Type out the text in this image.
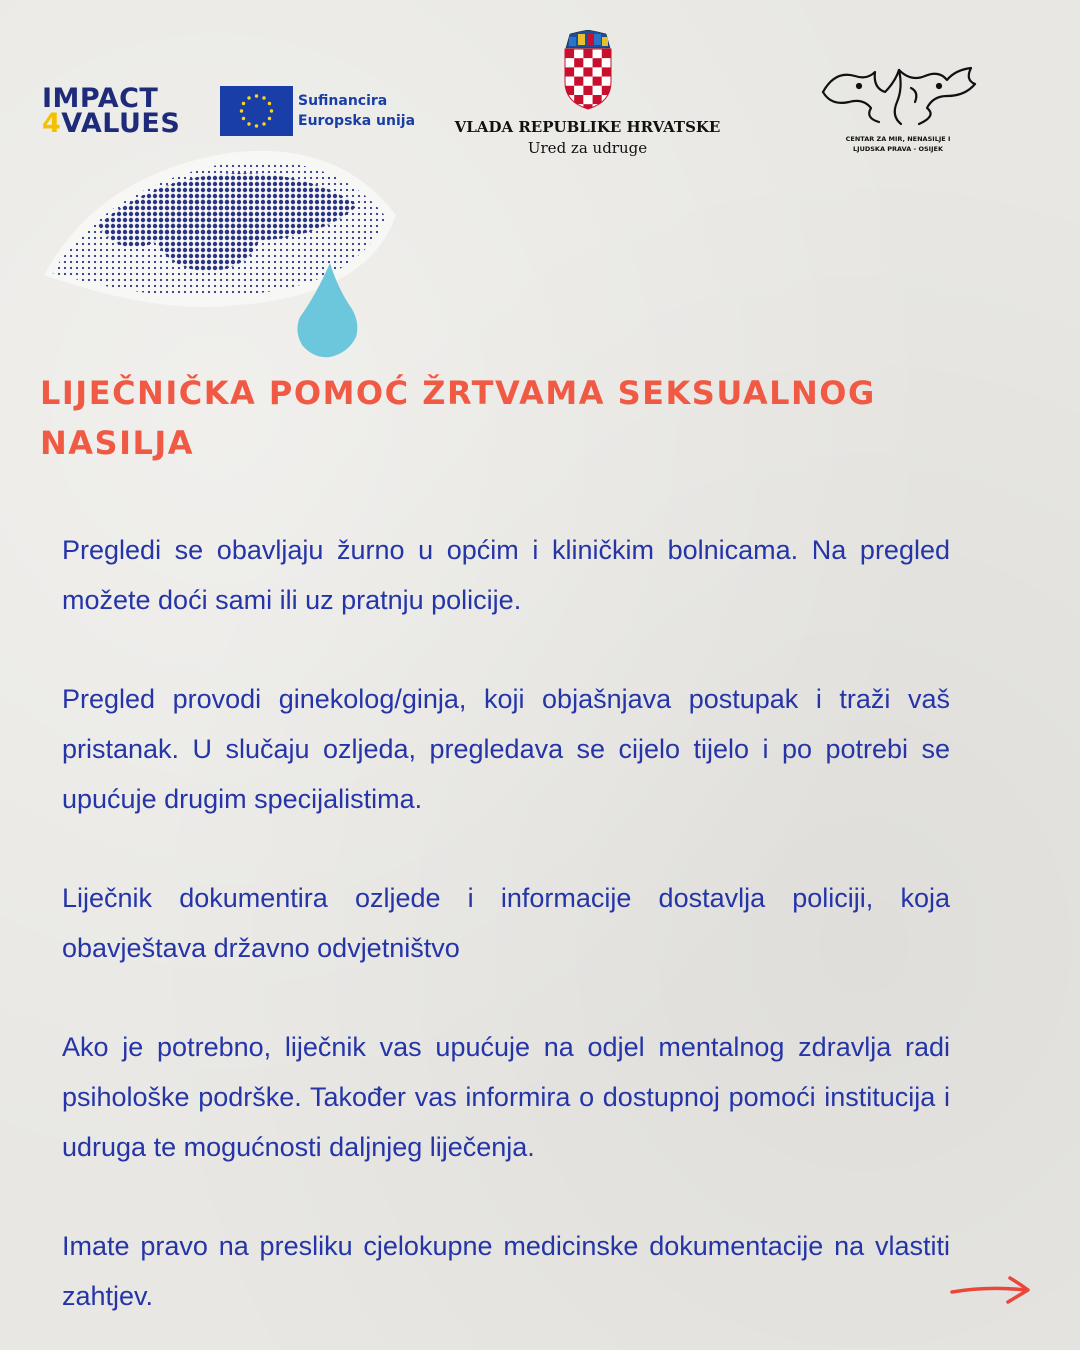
IMPACT
4VALUES
Sufinancira
Europska unija	VLADA REPUBLIKE HRVATSKE
Ured za udruge	CENTAR ZA MIR, NENASILJE I
LJUDSKA PRAVA - OSIJEK
LIJEČNIČKA POMOĆ ŽRTVAMA SEKSUALNOG NASILJA

Pregledi se obavljaju žurno u općim i kliničkim bolnicama. Na pregled možete doći sami ili uz pratnju policije.

Pregled provodi ginekolog/ginja, koji objašnjava postupak i traži vaš pristanak. U slučaju ozljeda, pregledava se cijelo tijelo i po potrebi se upućuje drugim specijalistima.

Liječnik dokumentira ozljede i informacije dostavlja policiji, koja obavještava državno odvjetništvo

Ako je potrebno, liječnik vas upućuje na odjel mentalnog zdravlja radi psihološke podrške. Također vas informira o dostupnoj pomoći institucija i udruga te mogućnosti daljnjeg liječenja.

Imate pravo na presliku cjelokupne medicinske dokumentacije na vlastiti zahtjev.
